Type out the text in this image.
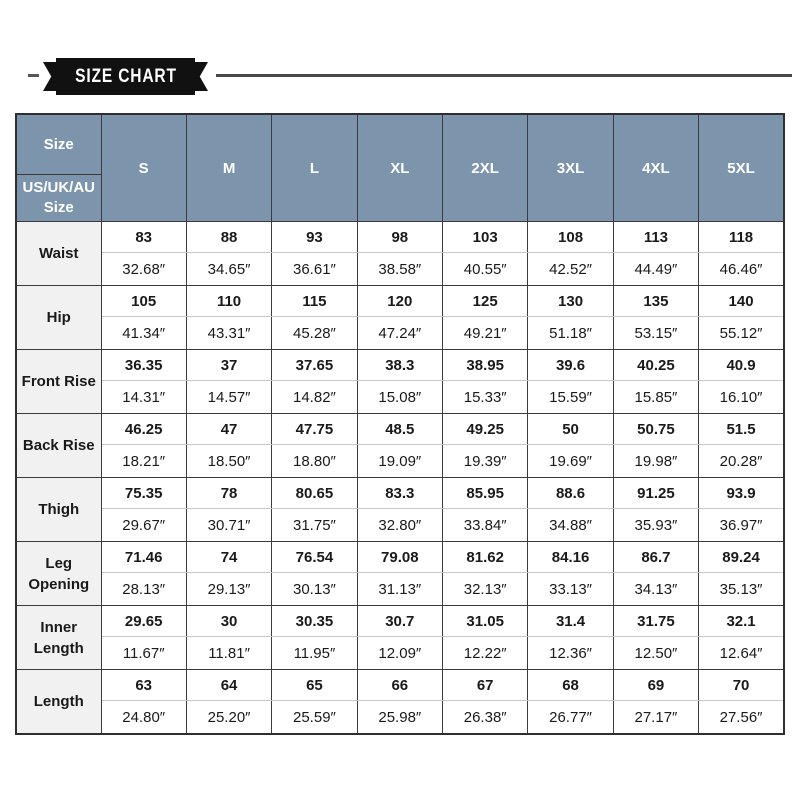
SIZE CHART
Size
US/UK/AU Size	S	M	L	XL	2XL	3XL	4XL	5XL
Waist	83	88	93	98	103	108	113	118
	32.68″	34.65″	36.61″	38.58″	40.55″	42.52″	44.49″	46.46″
Hip	105	110	115	120	125	130	135	140
	41.34″	43.31″	45.28″	47.24″	49.21″	51.18″	53.15″	55.12″
Front Rise	36.35	37	37.65	38.3	38.95	39.6	40.25	40.9
	14.31″	14.57″	14.82″	15.08″	15.33″	15.59″	15.85″	16.10″
Back Rise	46.25	47	47.75	48.5	49.25	50	50.75	51.5
	18.21″	18.50″	18.80″	19.09″	19.39″	19.69″	19.98″	20.28″
Thigh	75.35	78	80.65	83.3	85.95	88.6	91.25	93.9
	29.67″	30.71″	31.75″	32.80″	33.84″	34.88″	35.93″	36.97″
Leg Opening	71.46	74	76.54	79.08	81.62	84.16	86.7	89.24
	28.13″	29.13″	30.13″	31.13″	32.13″	33.13″	34.13″	35.13″
Inner Length	29.65	30	30.35	30.7	31.05	31.4	31.75	32.1
	11.67″	11.81″	11.95″	12.09″	12.22″	12.36″	12.50″	12.64″
Length	63	64	65	66	67	68	69	70
	24.80″	25.20″	25.59″	25.98″	26.38″	26.77″	27.17″	27.56″
